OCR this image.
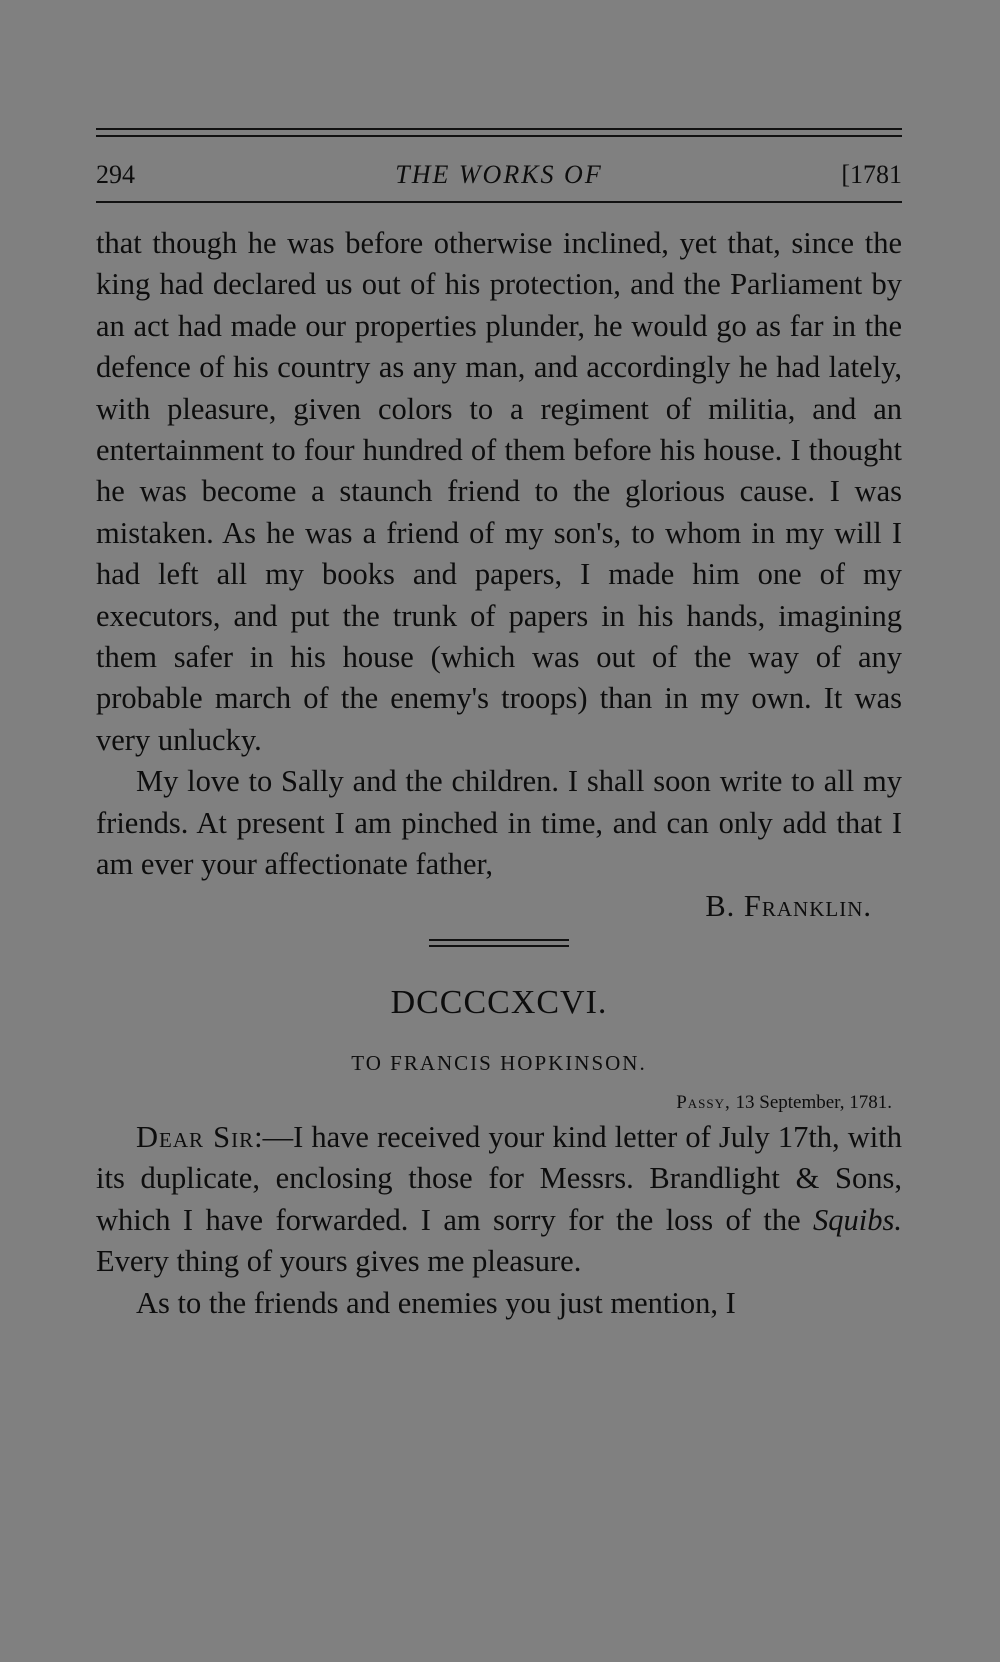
294	THE WORKS OF	[1781

that though he was before otherwise inclined, yet that, since the king had declared us out of his protection, and the Parliament by an act had made our properties plunder, he would go as far in the defence of his country as any man, and accordingly he had lately, with pleasure, given colors to a regiment of militia, and an entertainment to four hundred of them before his house. I thought he was become a staunch friend to the glorious cause. I was mistaken. As he was a friend of my son's, to whom in my will I had left all my books and papers, I made him one of my executors, and put the trunk of papers in his hands, imagining them safer in his house (which was out of the way of any probable march of the enemy's troops) than in my own. It was very unlucky.

My love to Sally and the children. I shall soon write to all my friends. At present I am pinched in time, and can only add that I am ever your affectionate father,

B. Franklin.
DCCCCXCVI.
TO FRANCIS HOPKINSON.
Passy, 13 September, 1781.

Dear Sir:—I have received your kind letter of July 17th, with its duplicate, enclosing those for Messrs. Brandlight & Sons, which I have forwarded. I am sorry for the loss of the Squibs. Every thing of yours gives me pleasure.

As to the friends and enemies you just mention, I
